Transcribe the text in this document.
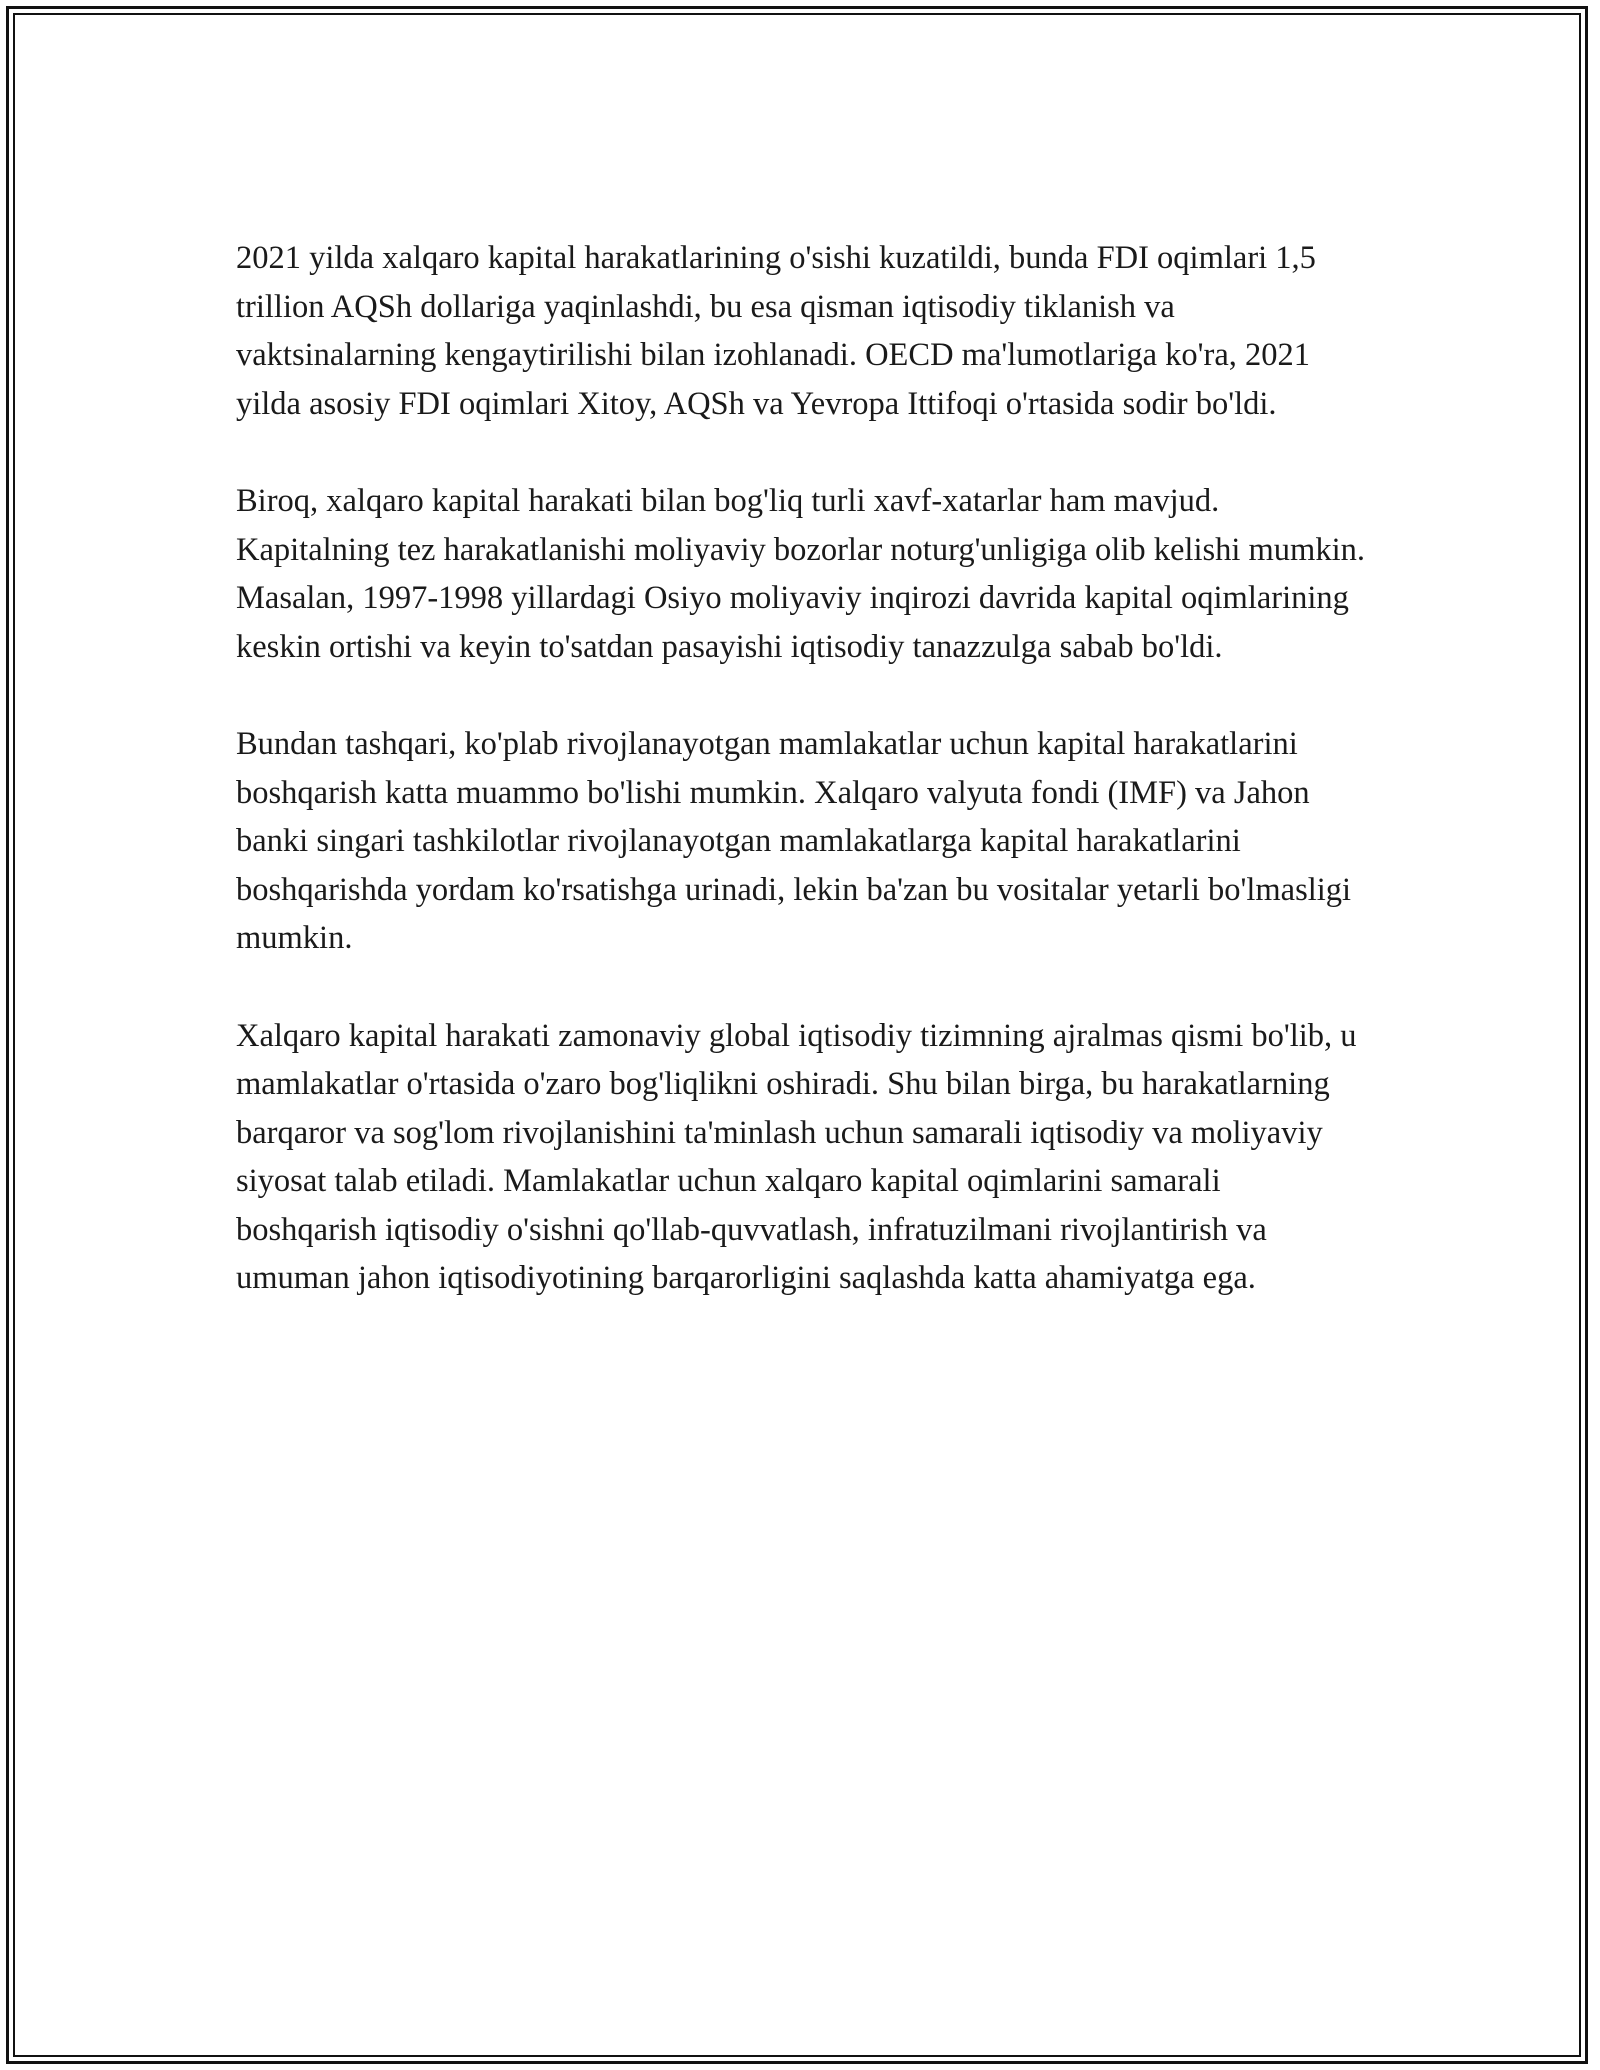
2021 yilda xalqaro kapital harakatlarining o'sishi kuzatildi, bunda FDI oqimlari 1,5 trillion AQSh dollariga yaqinlashdi, bu esa qisman iqtisodiy tiklanish va vaktsinalarning kengaytirilishi bilan izohlanadi. OECD ma'lumotlariga ko'ra, 2021 yilda asosiy FDI oqimlari Xitoy, AQSh va Yevropa Ittifoqi o'rtasida sodir bo'ldi.

Biroq, xalqaro kapital harakati bilan bog'liq turli xavf-xatarlar ham mavjud. Kapitalning tez harakatlanishi moliyaviy bozorlar noturg'unligiga olib kelishi mumkin. Masalan, 1997-1998 yillardagi Osiyo moliyaviy inqirozi davrida kapital oqimlarining keskin ortishi va keyin to'satdan pasayishi iqtisodiy tanazzulga sabab bo'ldi.

Bundan tashqari, ko'plab rivojlanayotgan mamlakatlar uchun kapital harakatlarini boshqarish katta muammo bo'lishi mumkin. Xalqaro valyuta fondi (IMF) va Jahon banki singari tashkilotlar rivojlanayotgan mamlakatlarga kapital harakatlarini boshqarishda yordam ko'rsatishga urinadi, lekin ba'zan bu vositalar yetarli bo'lmasligi mumkin.

Xalqaro kapital harakati zamonaviy global iqtisodiy tizimning ajralmas qismi bo'lib, u mamlakatlar o'rtasida o'zaro bog'liqlikni oshiradi. Shu bilan birga, bu harakatlarning barqaror va sog'lom rivojlanishini ta'minlash uchun samarali iqtisodiy va moliyaviy siyosat talab etiladi. Mamlakatlar uchun xalqaro kapital oqimlarini samarali boshqarish iqtisodiy o'sishni qo'llab-quvvatlash, infratuzilmani rivojlantirish va umuman jahon iqtisodiyotining barqarorligini saqlashda katta ahamiyatga ega.
